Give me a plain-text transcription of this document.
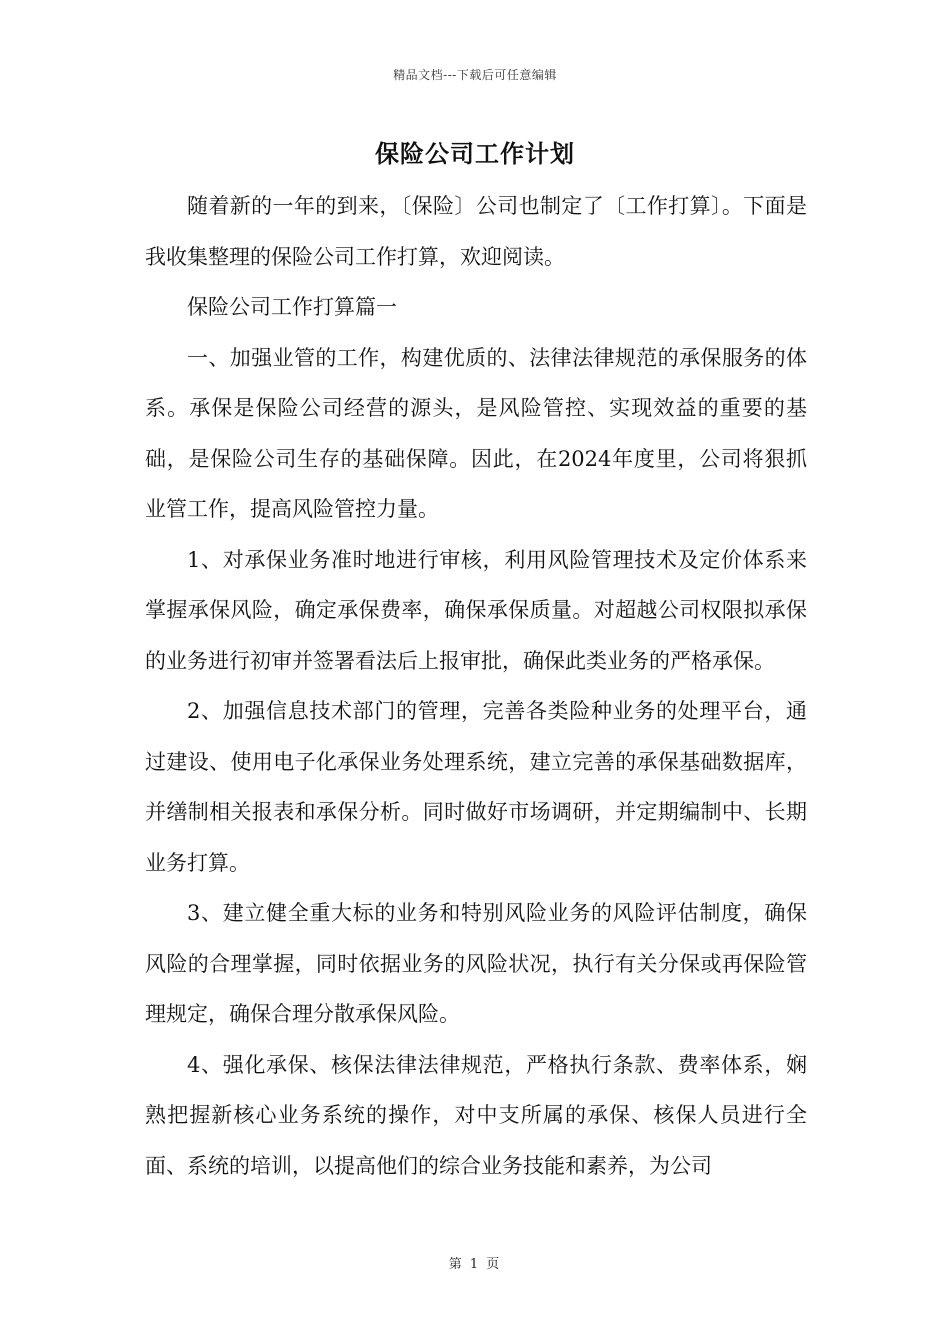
精品文档---下载后可任意编辑
保险公司工作计划

随着新的一年的到来，〔保险〕公司也制定了〔工作打算〕。下面是我收集整理的保险公司工作打算，欢迎阅读。

保险公司工作打算篇一

一、加强业管的工作，构建优质的、法律法律规范的承保服务的体系。承保是保险公司经营的源头，是风险管控、实现效益的重要的基础，是保险公司生存的基础保障。因此，在2024年度里，公司将狠抓业管工作，提高风险管控力量。

1、对承保业务准时地进行审核，利用风险管理技术及定价体系来掌握承保风险，确定承保费率，确保承保质量。对超越公司权限拟承保的业务进行初审并签署看法后上报审批，确保此类业务的严格承保。

2、加强信息技术部门的管理，完善各类险种业务的处理平台，通过建设、使用电子化承保业务处理系统，建立完善的承保基础数据库，并缮制相关报表和承保分析。同时做好市场调研，并定期编制中、长期业务打算。

3、建立健全重大标的业务和特别风险业务的风险评估制度，确保风险的合理掌握，同时依据业务的风险状况，执行有关分保或再保险管理规定，确保合理分散承保风险。

4、强化承保、核保法律法律规范，严格执行条款、费率体系，娴熟把握新核心业务系统的操作，对中支所属的承保、核保人员进行全面、系统的培训，以提高他们的综合业务技能和素养，为公司

第 1 页
